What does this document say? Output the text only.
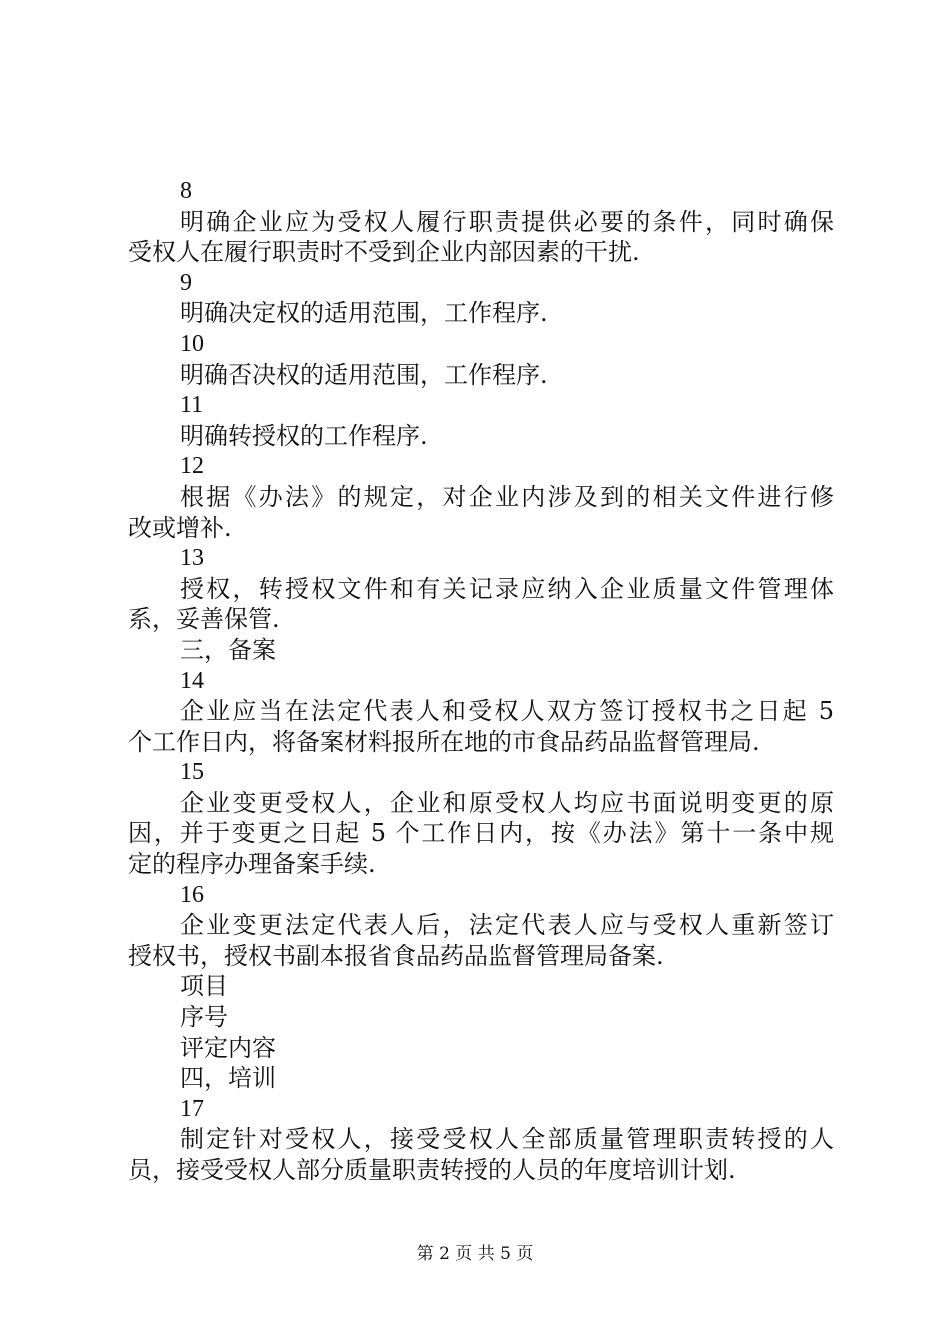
8
明确企业应为受权人履行职责提供必要的条件，同时确保
受权人在履行职责时不受到企业内部因素的干扰.
9
明确决定权的适用范围，工作程序.
10
明确否决权的适用范围，工作程序.
11
明确转授权的工作程序.
12
根据《办法》的规定，对企业内涉及到的相关文件进行修
改或增补.
13
授权，转授权文件和有关记录应纳入企业质量文件管理体
系，妥善保管.
三，备案
14
企业应当在法定代表人和受权人双方签订授权书之日起 5
个工作日内，将备案材料报所在地的市食品药品监督管理局.
15
企业变更受权人，企业和原受权人均应书面说明变更的原
因，并于变更之日起 5 个工作日内，按《办法》第十一条中规
定的程序办理备案手续.
16
企业变更法定代表人后，法定代表人应与受权人重新签订
授权书，授权书副本报省食品药品监督管理局备案.
项目
序号
评定内容
四，培训
17
制定针对受权人，接受受权人全部质量管理职责转授的人
员，接受受权人部分质量职责转授的人员的年度培训计划.
第 2 页 共 5 页
